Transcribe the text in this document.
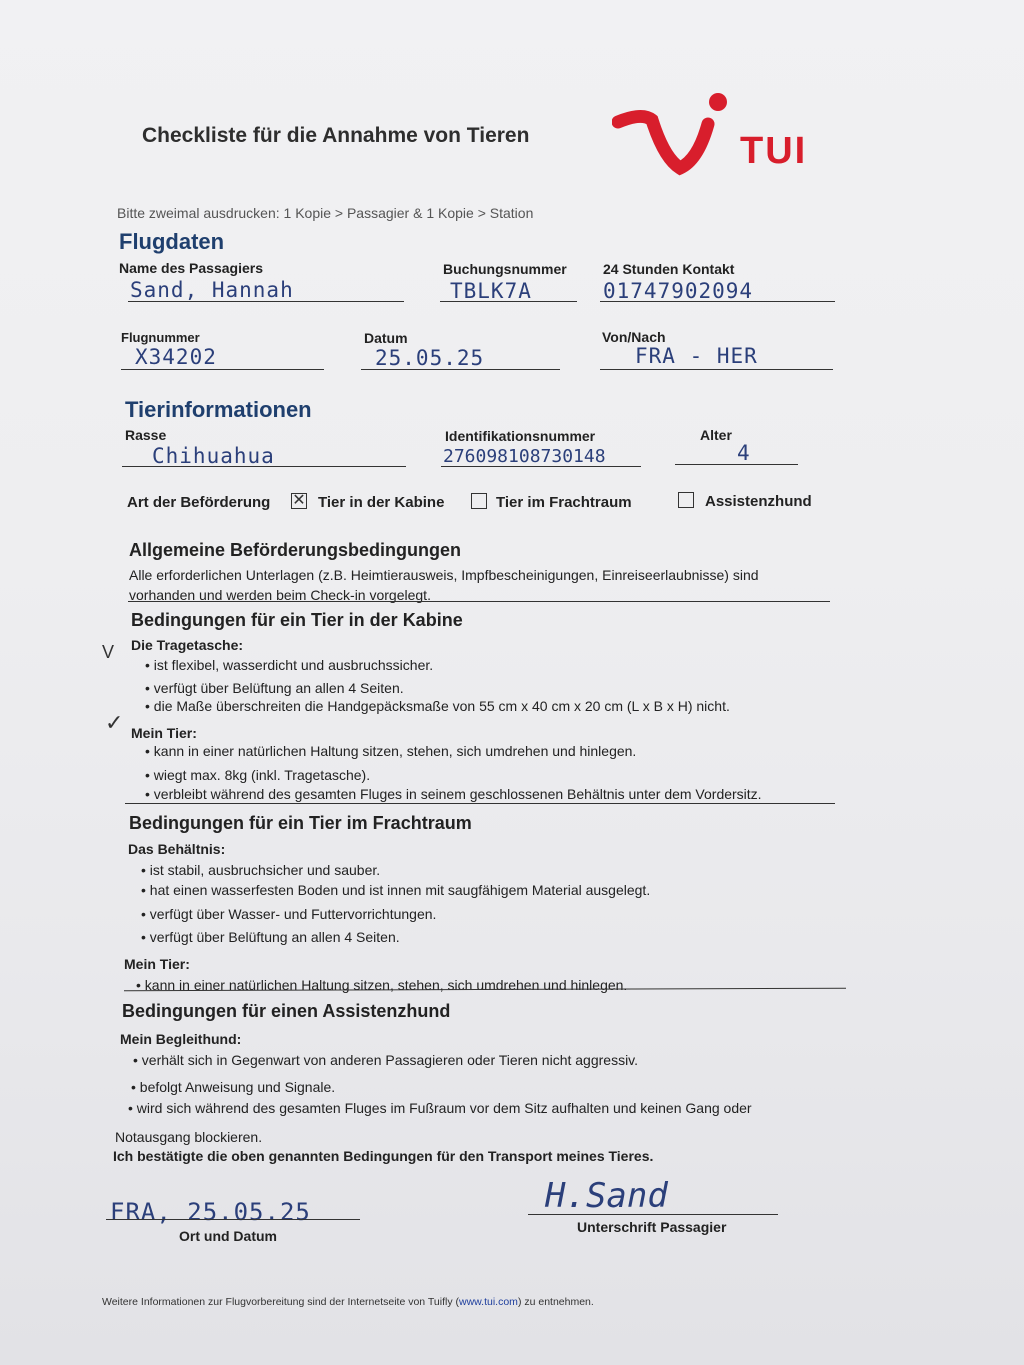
Checkliste für die Annahme von Tieren	TUI
Bitte zweimal ausdrucken: 1 Kopie > Passagier & 1 Kopie > Station
Flugdaten
Name des Passagiers
Sand, Hannah
Buchungsnummer
TBLK7A
24 Stunden Kontakt
01747902094
Flugnummer
X34202
Datum
25.05.25
Von/Nach
FRA - HER
Tierinformationen
Rasse
Chihuahua
Identifikationsnummer
276098108730148
Alter
4
Art der Beförderung ✕ Tier in der Kabine	Tier im Frachtraum	Assistenzhund
Allgemeine Beförderungsbedingungen
Alle erforderlichen Unterlagen (z.B. Heimtierausweis, Impfbescheinigungen, Einreiseerlaubnisse) sind
vorhanden und werden beim Check-in vorgelegt.
Bedingungen für ein Tier in der Kabine
V Die Tragetasche:
• ist flexibel, wasserdicht und ausbruchssicher.
• verfügt über Belüftung an allen 4 Seiten.
• die Maße überschreiten die Handgepäcksmaße von 55 cm x 40 cm x 20 cm (L x B x H) nicht.
✓ Mein Tier:
• kann in einer natürlichen Haltung sitzen, stehen, sich umdrehen und hinlegen.
• wiegt max. 8kg (inkl. Tragetasche).
• verbleibt während des gesamten Fluges in seinem geschlossenen Behältnis unter dem Vordersitz.
Bedingungen für ein Tier im Frachtraum
Das Behältnis:
• ist stabil, ausbruchsicher und sauber.
• hat einen wasserfesten Boden und ist innen mit saugfähigem Material ausgelegt.
• verfügt über Wasser- und Futtervorrichtungen.
• verfügt über Belüftung an allen 4 Seiten.
Mein Tier:
• kann in einer natürlichen Haltung sitzen, stehen, sich umdrehen und hinlegen.
Bedingungen für einen Assistenzhund
Mein Begleithund:
• verhält sich in Gegenwart von anderen Passagieren oder Tieren nicht aggressiv.
• befolgt Anweisung und Signale.
• wird sich während des gesamten Fluges im Fußraum vor dem Sitz aufhalten und keinen Gang oder
Notausgang blockieren.
Ich bestätigte die oben genannten Bedingungen für den Transport meines Tieres.
FRA, 25.05.25
Ort und Datum
H.Sand
Unterschrift Passagier
Weitere Informationen zur Flugvorbereitung sind der Internetseite von Tuifly (www.tui.com) zu entnehmen.
